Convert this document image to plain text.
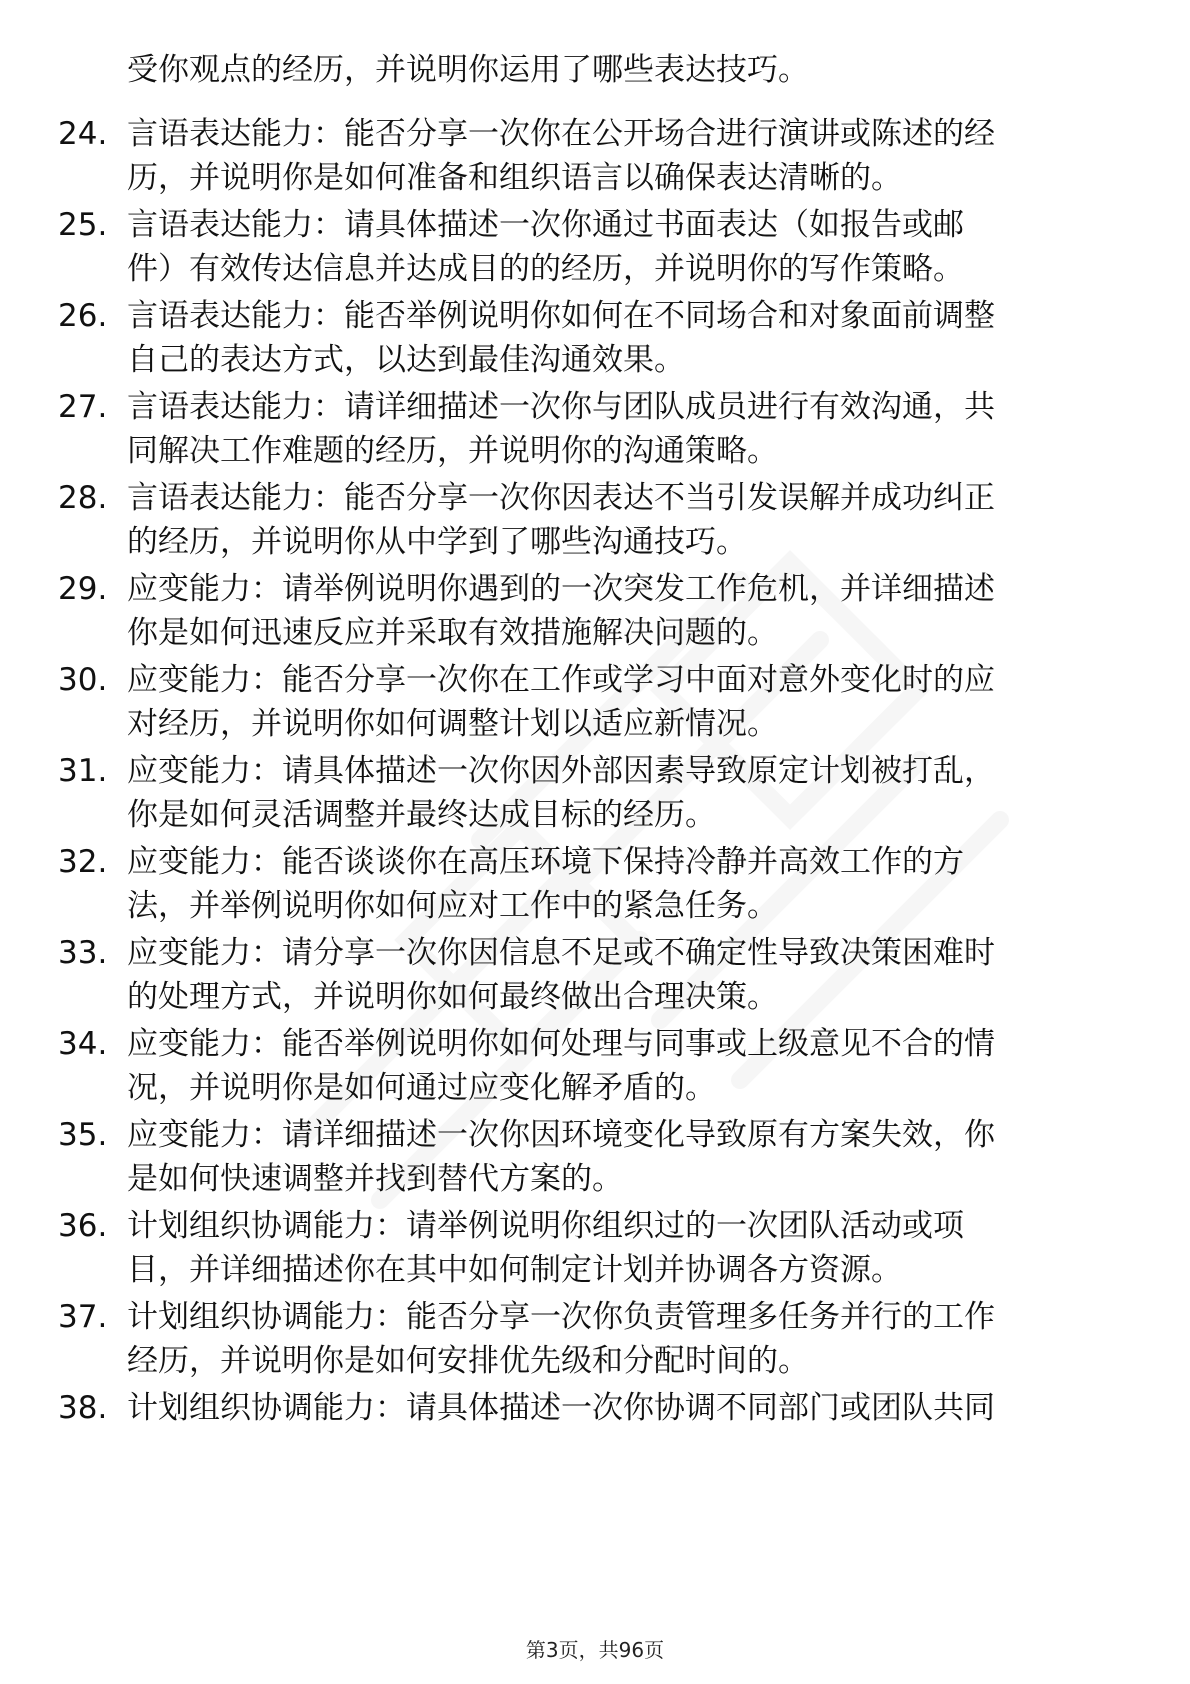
受你观点的经历，并说明你运用了哪些表达技巧。
24. 言语表达能力：能否分享一次你在公开场合进行演讲或陈述的经
历，并说明你是如何准备和组织语言以确保表达清晰的。
25. 言语表达能力：请具体描述一次你通过书面表达（如报告或邮
件）有效传达信息并达成目的的经历，并说明你的写作策略。
26. 言语表达能力：能否举例说明你如何在不同场合和对象面前调整
自己的表达方式，以达到最佳沟通效果。
27. 言语表达能力：请详细描述一次你与团队成员进行有效沟通，共
同解决工作难题的经历，并说明你的沟通策略。
28. 言语表达能力：能否分享一次你因表达不当引发误解并成功纠正
的经历，并说明你从中学到了哪些沟通技巧。
29. 应变能力：请举例说明你遇到的一次突发工作危机，并详细描述
你是如何迅速反应并采取有效措施解决问题的。
30. 应变能力：能否分享一次你在工作或学习中面对意外变化时的应
对经历，并说明你如何调整计划以适应新情况。
31. 应变能力：请具体描述一次你因外部因素导致原定计划被打乱，
你是如何灵活调整并最终达成目标的经历。
32. 应变能力：能否谈谈你在高压环境下保持冷静并高效工作的方
法，并举例说明你如何应对工作中的紧急任务。
33. 应变能力：请分享一次你因信息不足或不确定性导致决策困难时
的处理方式，并说明你如何最终做出合理决策。
34. 应变能力：能否举例说明你如何处理与同事或上级意见不合的情
况，并说明你是如何通过应变化解矛盾的。
35. 应变能力：请详细描述一次你因环境变化导致原有方案失效，你
是如何快速调整并找到替代方案的。
36. 计划组织协调能力：请举例说明你组织过的一次团队活动或项
目，并详细描述你在其中如何制定计划并协调各方资源。
37. 计划组织协调能力：能否分享一次你负责管理多任务并行的工作
经历，并说明你是如何安排优先级和分配时间的。
38. 计划组织协调能力：请具体描述一次你协调不同部门或团队共同
第3页，共96页
